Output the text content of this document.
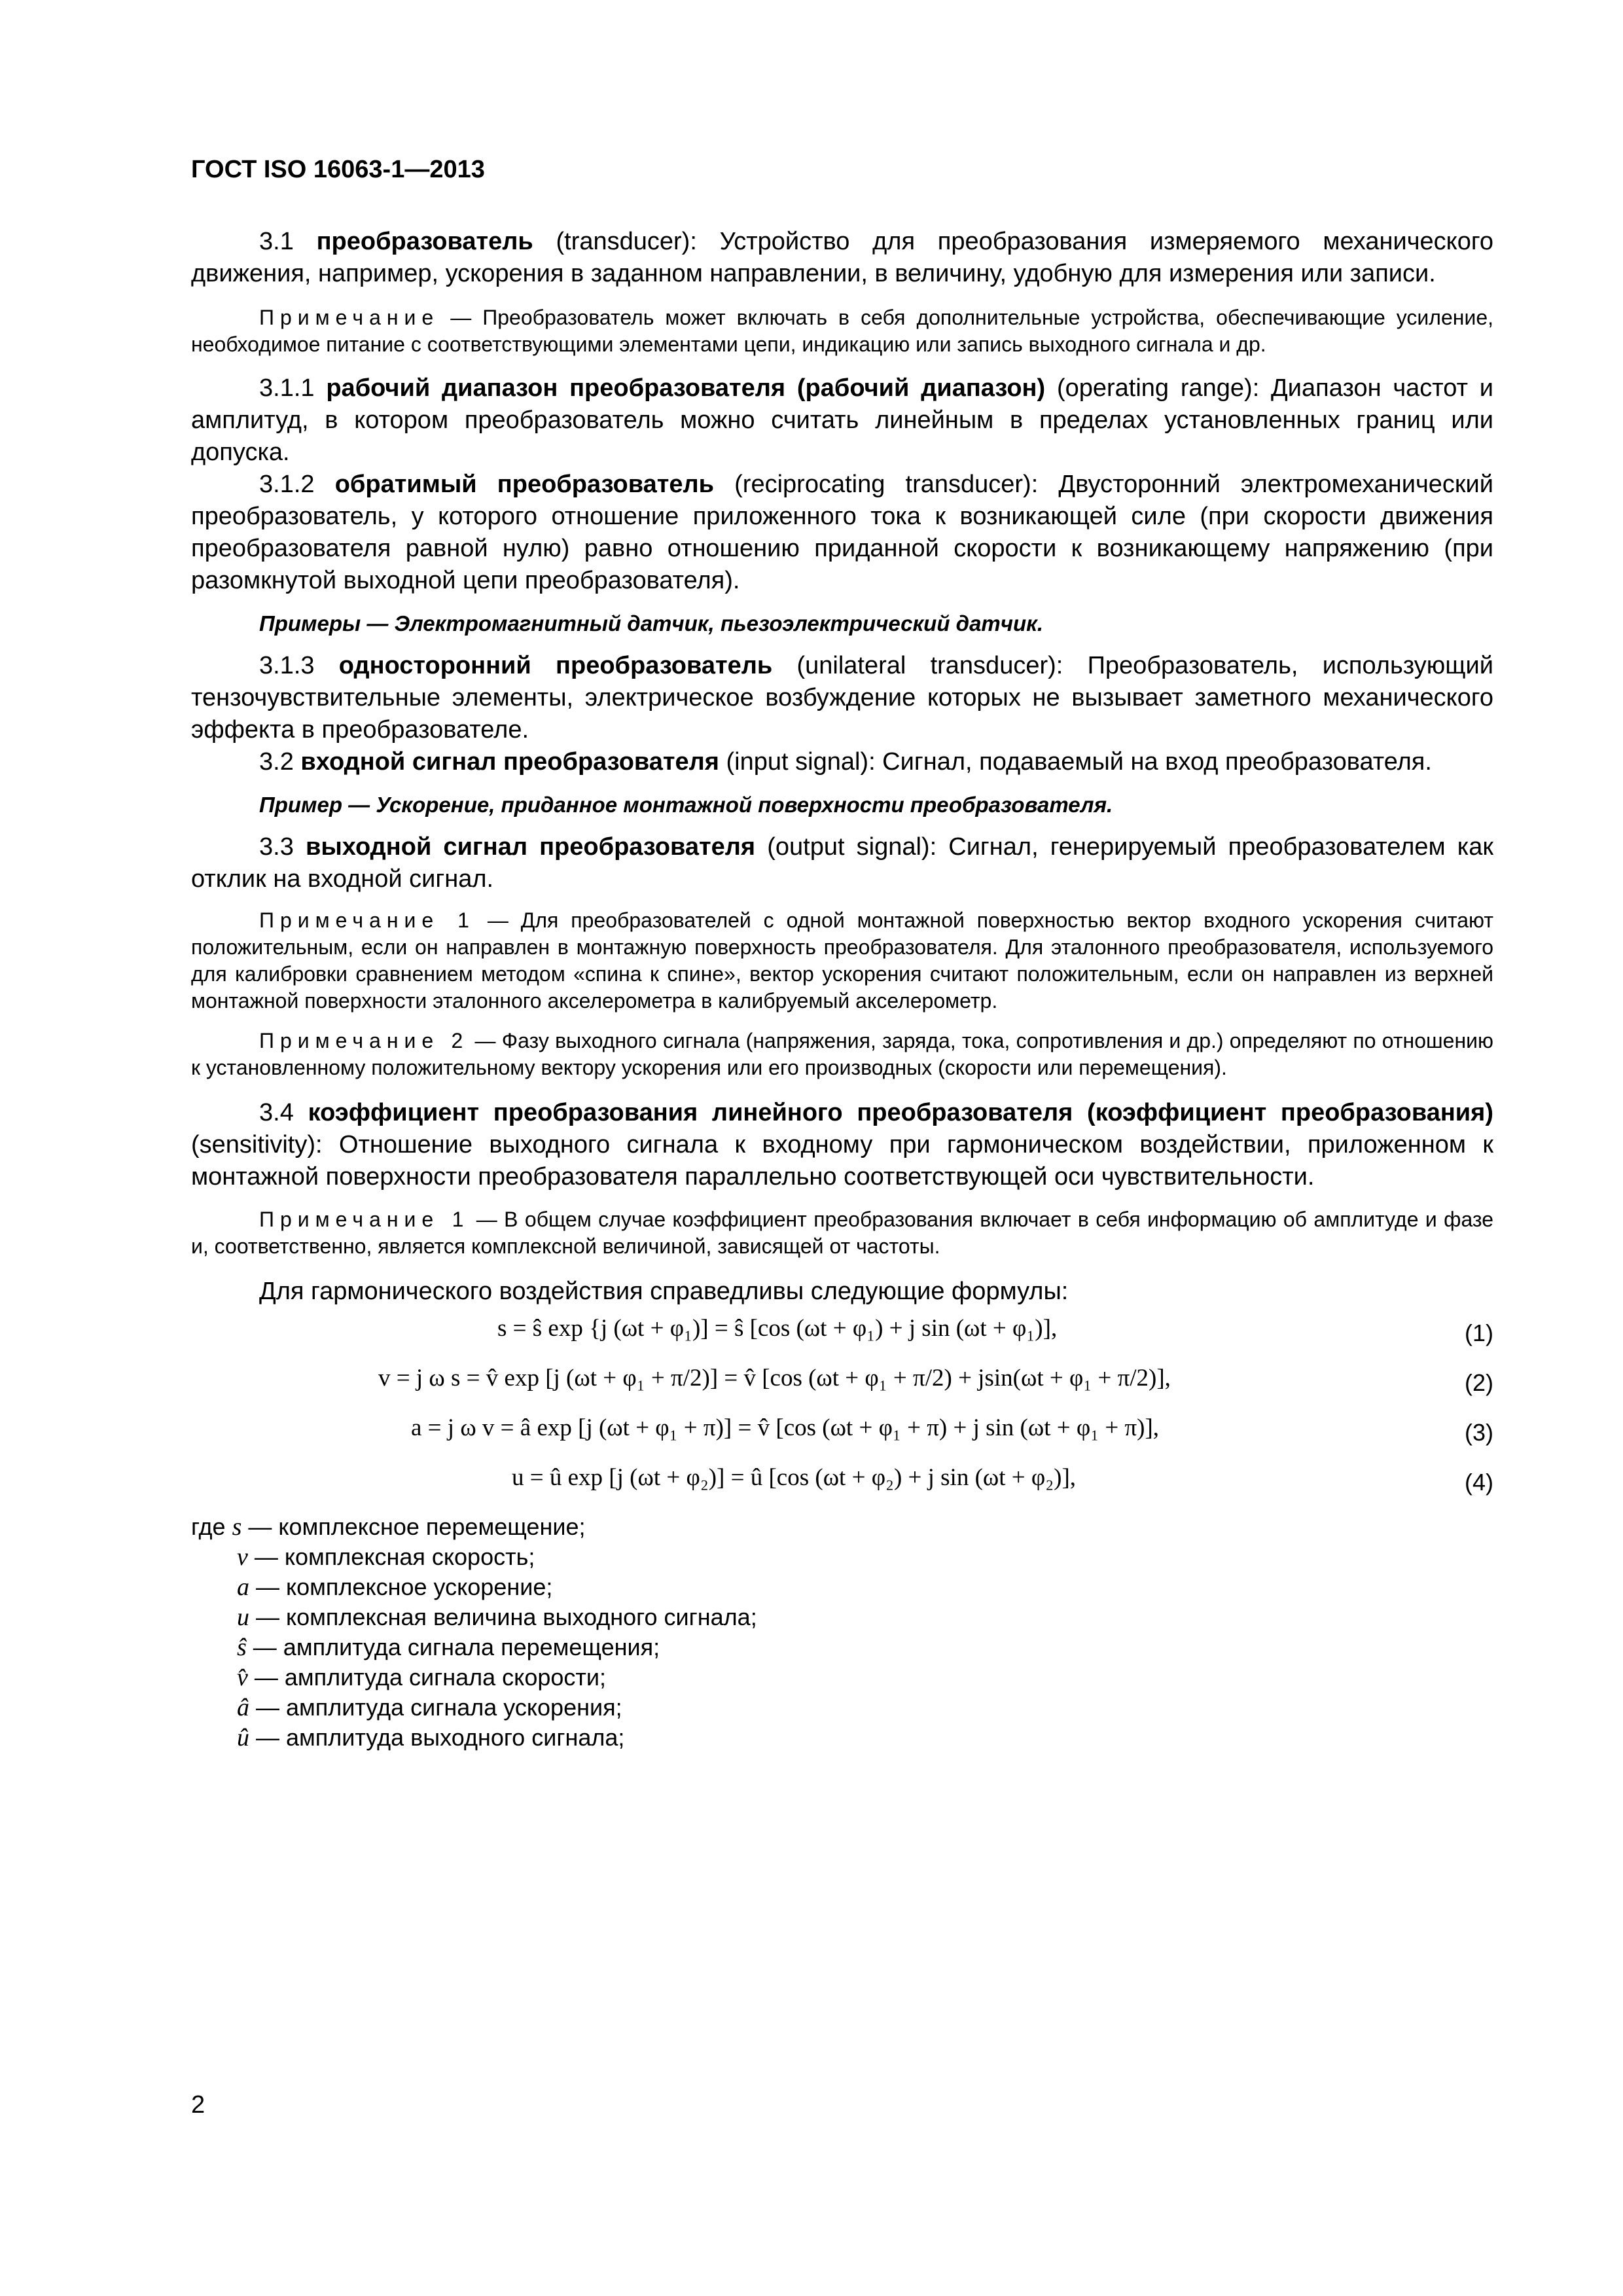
ГОСТ ISO 16063-1—2013

3.1 преобразователь (transducer): Устройство для преобразования измеряемого механического движения, например, ускорения в заданном направлении, в величину, удобную для измерения или записи.

Примечание — Преобразователь может включать в себя дополнительные устройства, обеспечивающие усиление, необходимое питание с соответствующими элементами цепи, индикацию или запись выходного сигнала и др.

3.1.1 рабочий диапазон преобразователя (рабочий диапазон) (operating range): Диапазон частот и амплитуд, в котором преобразователь можно считать линейным в пределах установленных границ или допуска.

3.1.2 обратимый преобразователь (reciprocating transducer): Двусторонний электромеханический преобразователь, у которого отношение приложенного тока к возникающей силе (при скорости движения преобразователя равной нулю) равно отношению приданной скорости к возникающему напряжению (при разомкнутой выходной цепи преобразователя).

Примеры — Электромагнитный датчик, пьезоэлектрический датчик.

3.1.3 односторонний преобразователь (unilateral transducer): Преобразователь, использующий тензочувствительные элементы, электрическое возбуждение которых не вызывает заметного механического эффекта в преобразователе.

3.2 входной сигнал преобразователя (input signal): Сигнал, подаваемый на вход преобразователя.

Пример — Ускорение, приданное монтажной поверхности преобразователя.

3.3 выходной сигнал преобразователя (output signal): Сигнал, генерируемый преобразователем как отклик на входной сигнал.

Примечание 1 — Для преобразователей с одной монтажной поверхностью вектор входного ускорения считают положительным, если он направлен в монтажную поверхность преобразователя. Для эталонного преобразователя, используемого для калибровки сравнением методом «спина к спине», вектор ускорения считают положительным, если он направлен из верхней монтажной поверхности эталонного акселерометра в калибруемый акселерометр.

Примечание 2 — Фазу выходного сигнала (напряжения, заряда, тока, сопротивления и др.) определяют по отношению к установленному положительному вектору ускорения или его производных (скорости или перемещения).

3.4 коэффициент преобразования линейного преобразователя (коэффициент преобразования) (sensitivity): Отношение выходного сигнала к входному при гармоническом воздействии, приложенном к монтажной поверхности преобразователя параллельно соответствующей оси чувствительности.

Примечание 1 — В общем случае коэффициент преобразования включает в себя информацию об амплитуде и фазе и, соответственно, является комплексной величиной, зависящей от частоты.

Для гармонического воздействия справедливы следующие формулы:

s = ŝ exp {j (ωt + φ₁)] = ŝ [cos (ωt + φ₁) + j sin (ωt + φ₁)],	(1)
v = j ω s = v̂ exp [j (ωt + φ₁ + π/2)] = v̂ [cos (ωt + φ₁ + π/2) + jsin(ωt + φ₁ + π/2)],	(2)
a = j ω v = â exp [j (ωt + φ₁ + π)] = v̂ [cos (ωt + φ₁ + π) + j sin (ωt + φ₁ + π)],	(3)
u = û exp [j (ωt + φ₂)] = û [cos (ωt + φ₂) + j sin (ωt + φ₂)],	(4)
где s — комплексное перемещение;
v — комплексная скорость;
a — комплексное ускорение;
u — комплексная величина выходного сигнала;
ŝ — амплитуда сигнала перемещения;
v̂ — амплитуда сигнала скорости;
â — амплитуда сигнала ускорения;
û — амплитуда выходного сигнала;
2
